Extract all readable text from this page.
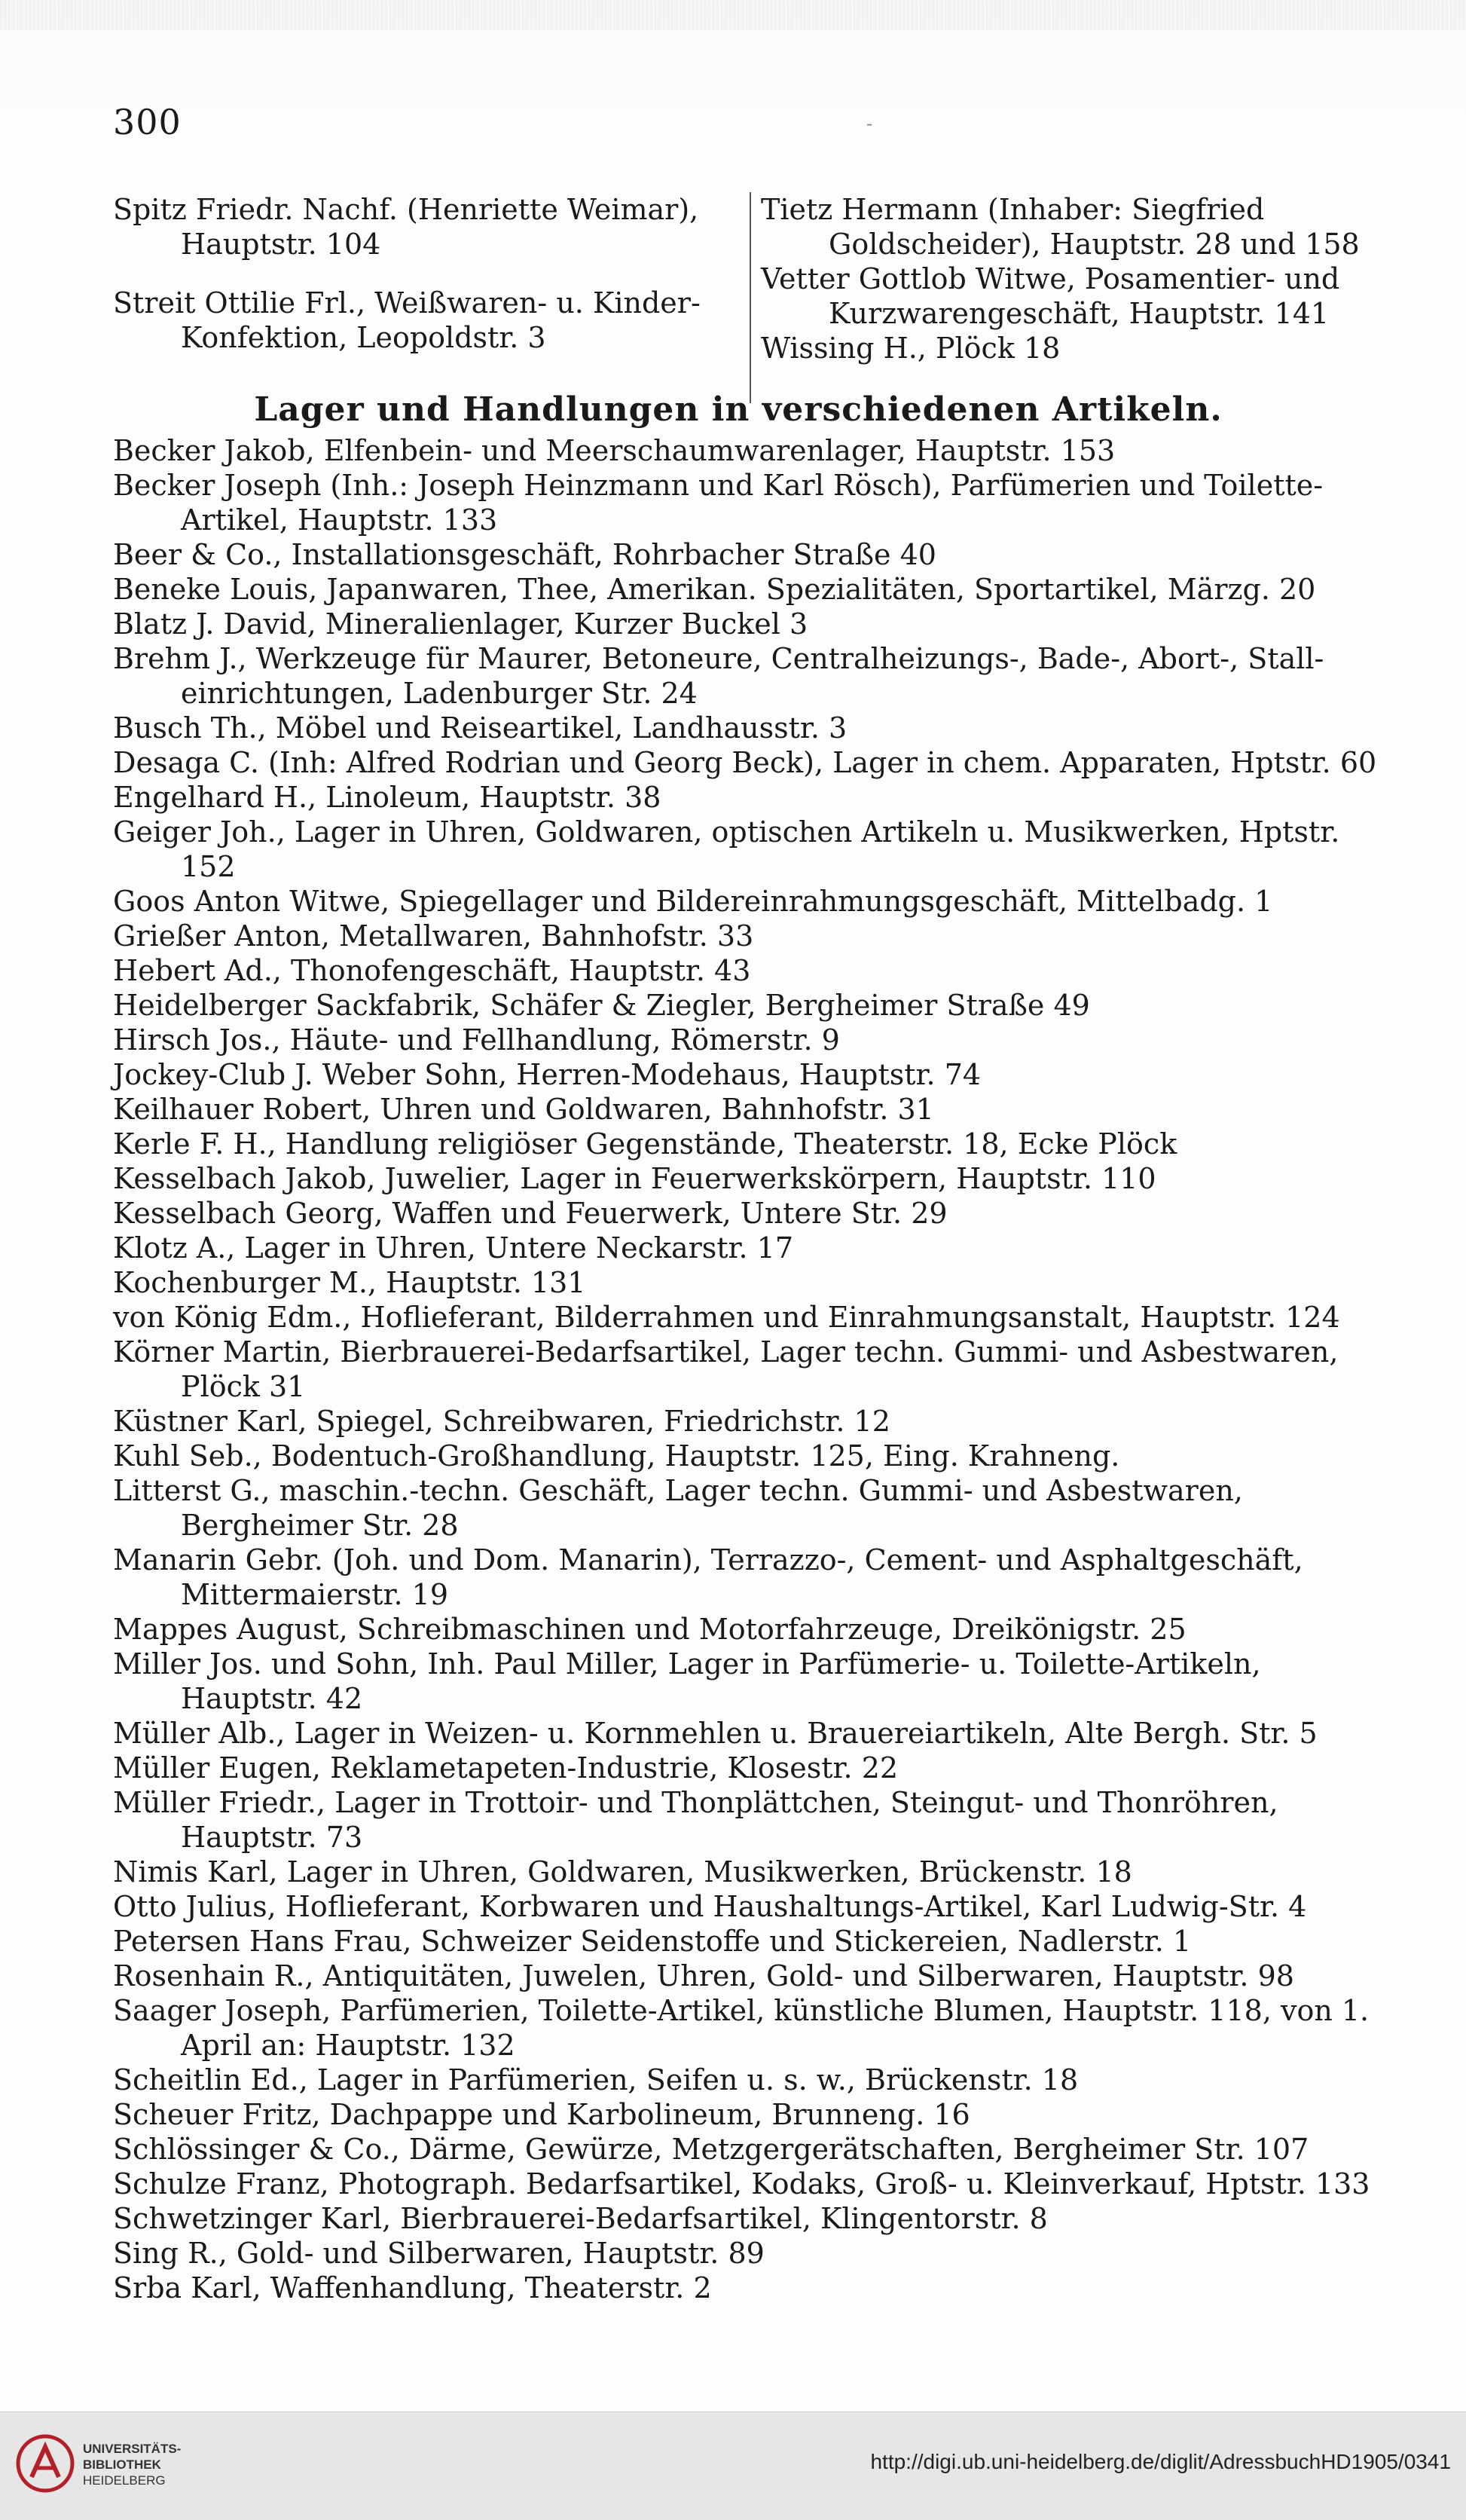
300	-

Spitz Friedr. Nachf. (Henriette Weimar), Hauptstr. 104

Streit Ottilie Frl., Weißwaren- u. Kinder-Konfektion, Leopoldstr. 3

Tietz Hermann (Inhaber: Siegfried Goldscheider), Hauptstr. 28 und 158

Vetter Gottlob Witwe, Posamentier- und Kurzwarengeschäft, Hauptstr. 141

Wissing H., Plöck 18

Lager und Handlungen in verschiedenen Artikeln.

Becker Jakob, Elfenbein- und Meerschaumwarenlager, Hauptstr. 153

Becker Joseph (Inh.: Joseph Heinzmann und Karl Rösch), Parfümerien und Toilette-Artikel, Hauptstr. 133

Beer & Co., Installationsgeschäft, Rohrbacher Straße 40

Beneke Louis, Japanwaren, Thee, Amerikan. Spezialitäten, Sportartikel, Märzg. 20

Blatz J. David, Mineralienlager, Kurzer Buckel 3

Brehm J., Werkzeuge für Maurer, Betoneure, Centralheizungs-, Bade-, Abort-, Stall-einrichtungen, Ladenburger Str. 24

Busch Th., Möbel und Reiseartikel, Landhausstr. 3

Desaga C. (Inh: Alfred Rodrian und Georg Beck), Lager in chem. Apparaten, Hptstr. 60

Engelhard H., Linoleum, Hauptstr. 38

Geiger Joh., Lager in Uhren, Goldwaren, optischen Artikeln u. Musikwerken, Hptstr. 152

Goos Anton Witwe, Spiegellager und Bildereinrahmungsgeschäft, Mittelbadg. 1

Grießer Anton, Metallwaren, Bahnhofstr. 33

Hebert Ad., Thonofengeschäft, Hauptstr. 43

Heidelberger Sackfabrik, Schäfer & Ziegler, Bergheimer Straße 49

Hirsch Jos., Häute- und Fellhandlung, Römerstr. 9

Jockey-Club J. Weber Sohn, Herren-Modehaus, Hauptstr. 74

Keilhauer Robert, Uhren und Goldwaren, Bahnhofstr. 31

Kerle F. H., Handlung religiöser Gegenstände, Theaterstr. 18, Ecke Plöck

Kesselbach Jakob, Juwelier, Lager in Feuerwerkskörpern, Hauptstr. 110

Kesselbach Georg, Waffen und Feuerwerk, Untere Str. 29

Klotz A., Lager in Uhren, Untere Neckarstr. 17

Kochenburger M., Hauptstr. 131

von König Edm., Hoflieferant, Bilderrahmen und Einrahmungsanstalt, Hauptstr. 124

Körner Martin, Bierbrauerei-Bedarfsartikel, Lager techn. Gummi- und Asbestwaren, Plöck 31

Küstner Karl, Spiegel, Schreibwaren, Friedrichstr. 12

Kuhl Seb., Bodentuch-Großhandlung, Hauptstr. 125, Eing. Krahneng.

Litterst G., maschin.-techn. Geschäft, Lager techn. Gummi- und Asbestwaren, Bergheimer Str. 28

Manarin Gebr. (Joh. und Dom. Manarin), Terrazzo-, Cement- und Asphaltgeschäft, Mittermaierstr. 19

Mappes August, Schreibmaschinen und Motorfahrzeuge, Dreikönigstr. 25

Miller Jos. und Sohn, Inh. Paul Miller, Lager in Parfümerie- u. Toilette-Artikeln, Hauptstr. 42

Müller Alb., Lager in Weizen- u. Kornmehlen u. Brauereiartikeln, Alte Bergh. Str. 5

Müller Eugen, Reklametapeten-Industrie, Klosestr. 22

Müller Friedr., Lager in Trottoir- und Thonplättchen, Steingut- und Thonröhren, Hauptstr. 73

Nimis Karl, Lager in Uhren, Goldwaren, Musikwerken, Brückenstr. 18

Otto Julius, Hoflieferant, Korbwaren und Haushaltungs-Artikel, Karl Ludwig-Str. 4

Petersen Hans Frau, Schweizer Seidenstoffe und Stickereien, Nadlerstr. 1

Rosenhain R., Antiquitäten, Juwelen, Uhren, Gold- und Silberwaren, Hauptstr. 98

Saager Joseph, Parfümerien, Toilette-Artikel, künstliche Blumen, Hauptstr. 118, von 1. April an: Hauptstr. 132

Scheitlin Ed., Lager in Parfümerien, Seifen u. s. w., Brückenstr. 18

Scheuer Fritz, Dachpappe und Karbolineum, Brunneng. 16

Schlössinger & Co., Därme, Gewürze, Metzgergerätschaften, Bergheimer Str. 107

Schulze Franz, Photograph. Bedarfsartikel, Kodaks, Groß- u. Kleinverkauf, Hptstr. 133

Schwetzinger Karl, Bierbrauerei-Bedarfsartikel, Klingentorstr. 8

Sing R., Gold- und Silberwaren, Hauptstr. 89

Srba Karl, Waffenhandlung, Theaterstr. 2

UNIVERSITÄTS-
BIBLIOTHEK
HEIDELBERG
http://digi.ub.uni-heidelberg.de/diglit/AdressbuchHD1905/0341
